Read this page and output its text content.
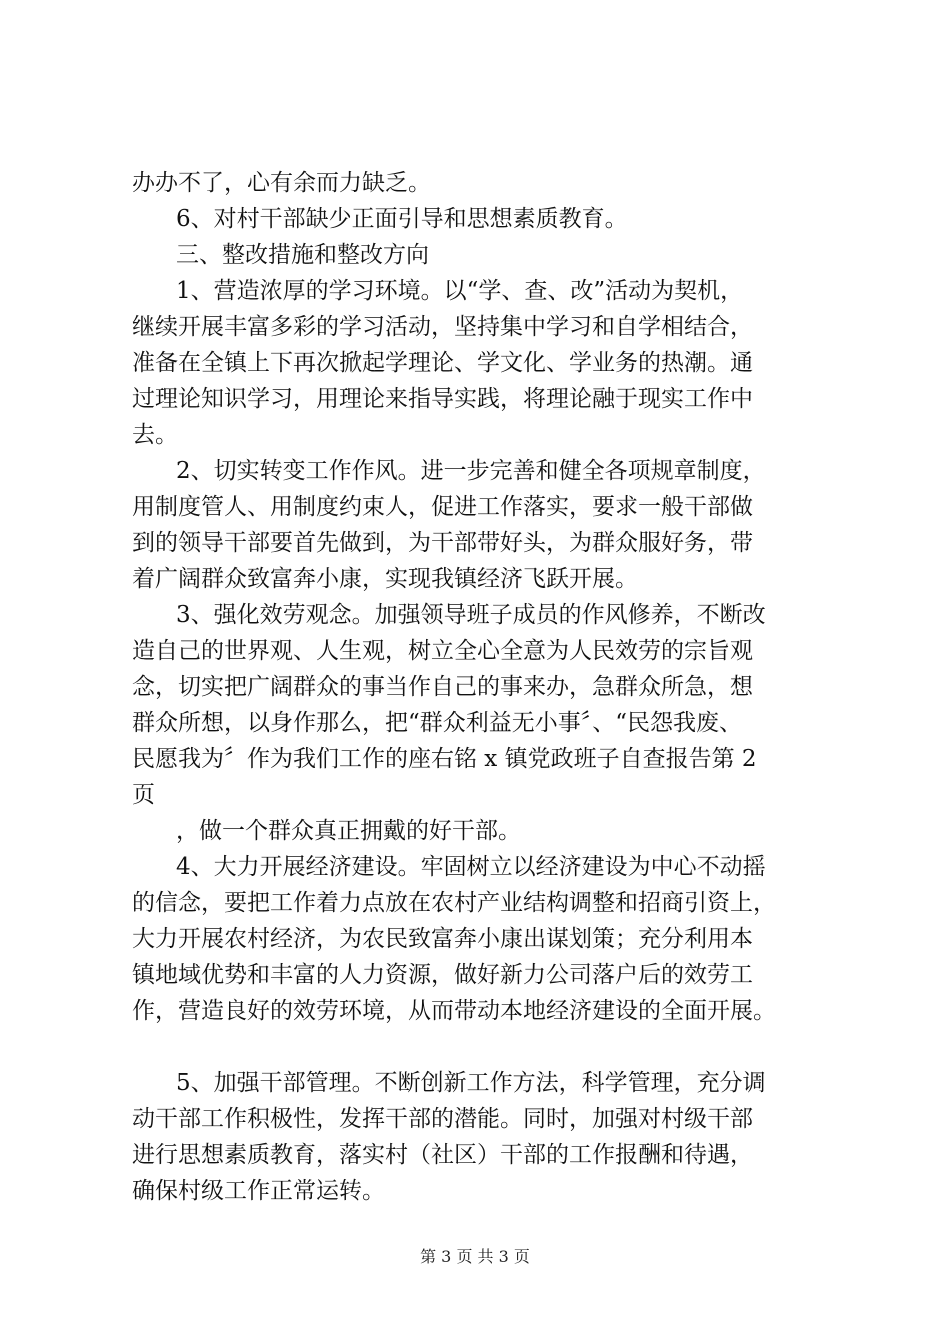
办办不了，心有余而力缺乏。
6、对村干部缺少正面引导和思想素质教育。
三、整改措施和整改方向
1、营造浓厚的学习环境。以“学、查、改”活动为契机，
继续开展丰富多彩的学习活动，坚持集中学习和自学相结合，
准备在全镇上下再次掀起学理论、学文化、学业务的热潮。通
过理论知识学习，用理论来指导实践，将理论融于现实工作中
去。
2、切实转变工作作风。进一步完善和健全各项规章制度，
用制度管人、用制度约束人，促进工作落实，要求一般干部做
到的领导干部要首先做到，为干部带好头，为群众服好务，带
着广阔群众致富奔小康，实现我镇经济飞跃开展。
3、强化效劳观念。加强领导班子成员的作风修养，不断改
造自己的世界观、人生观，树立全心全意为人民效劳的宗旨观
念，切实把广阔群众的事当作自己的事来办，急群众所急，想
群众所想，以身作那么，把“群众利益无小事〞、“民怨我废、
民愿我为〞作为我们工作的座右铭 x 镇党政班子自查报告第 2
页
，做一个群众真正拥戴的好干部。
4、大力开展经济建设。牢固树立以经济建设为中心不动摇
的信念，要把工作着力点放在农村产业结构调整和招商引资上，
大力开展农村经济，为农民致富奔小康出谋划策；充分利用本
镇地域优势和丰富的人力资源，做好新力公司落户后的效劳工
作，营造良好的效劳环境，从而带动本地经济建设的全面开展。
5、加强干部管理。不断创新工作方法，科学管理，充分调
动干部工作积极性，发挥干部的潜能。同时，加强对村级干部
进行思想素质教育，落实村（社区）干部的工作报酬和待遇，
确保村级工作正常运转。
第 3 页 共 3 页
